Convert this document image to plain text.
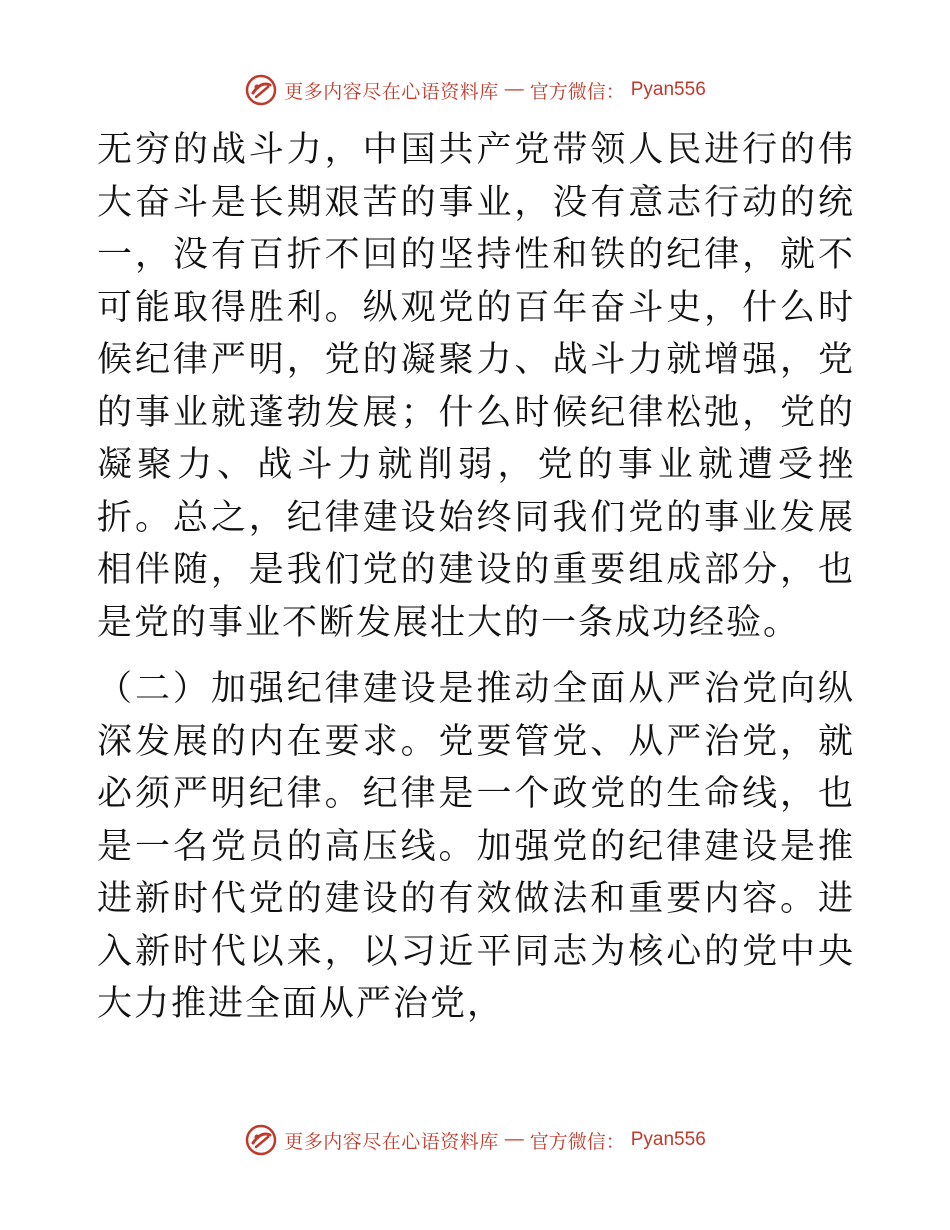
更多内容尽在心语资料库 — 官方微信： Pyan556

无穷的战斗力，中国共产党带领人民进行的伟大奋斗是长期艰苦的事业，没有意志行动的统一，没有百折不回的坚持性和铁的纪律，就不可能取得胜利。纵观党的百年奋斗史，什么时候纪律严明，党的凝聚力、战斗力就增强，党的事业就蓬勃发展；什么时候纪律松弛，党的凝聚力、战斗力就削弱，党的事业就遭受挫折。总之，纪律建设始终同我们党的事业发展相伴随，是我们党的建设的重要组成部分，也是党的事业不断发展壮大的一条成功经验。

（二）加强纪律建设是推动全面从严治党向纵深发展的内在要求。党要管党、从严治党，就必须严明纪律。纪律是一个政党的生命线，也是一名党员的高压线。加强党的纪律建设是推进新时代党的建设的有效做法和重要内容。进入新时代以来，以习近平同志为核心的党中央大力推进全面从严治党，

更多内容尽在心语资料库 — 官方微信： Pyan556
